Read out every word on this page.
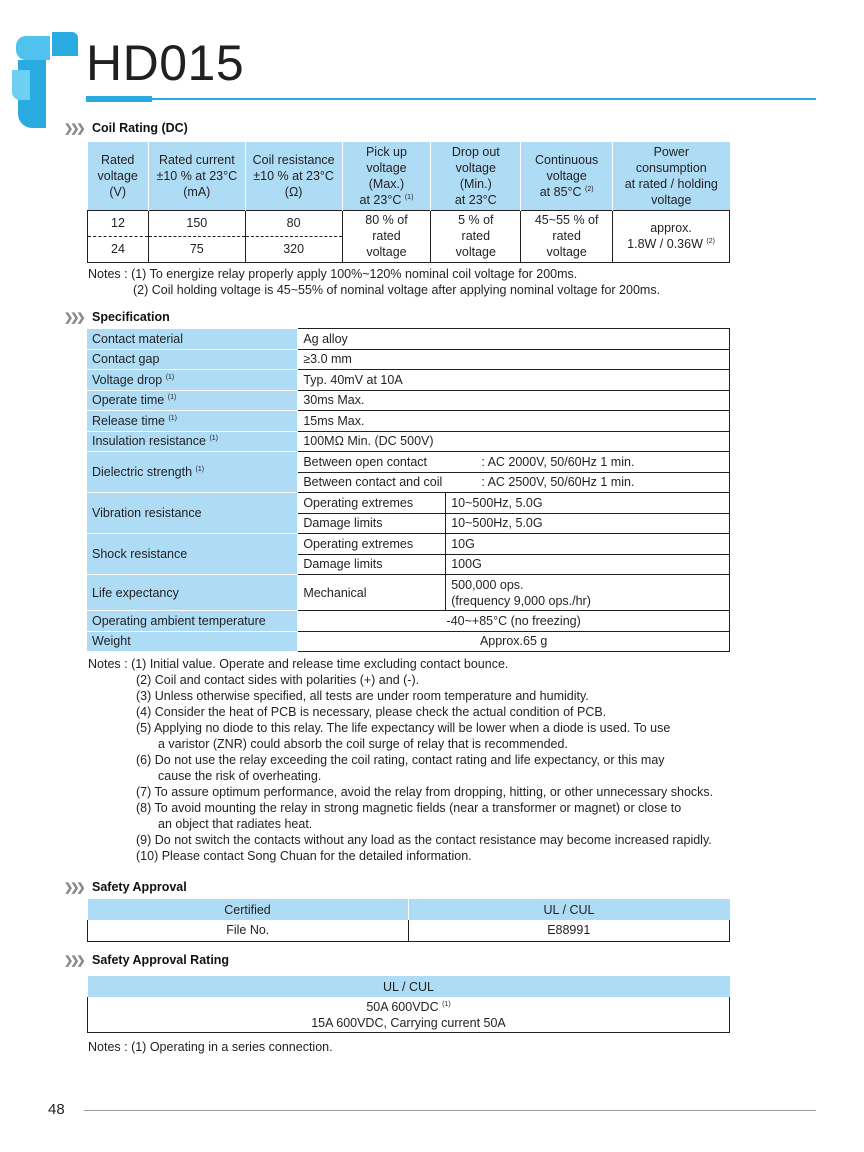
HD015
❯❯❯ Coil Rating (DC)
Rated
voltage
(V)	Rated current
±10 % at 23°C
(mA)	Coil resistance
±10 % at 23°C
(Ω)	Pick up
voltage
(Max.)
at 23°C $^{(1)}$	Drop out
voltage
(Min.)
at 23°C	Continuous
voltage
at 85°C $^{(2)}$	Power
consumption
at rated / holding
voltage
12	150	80	80 % of
rated
voltage	5 % of
rated
voltage	45~55 % of
rated
voltage	approx.
1.8W / 0.36W $^{(2)}$
24	75	320				
Notes : (1) To energize relay properly apply 100%~120% nominal coil voltage for 200ms.
(2) Coil holding voltage is 45~55% of nominal voltage after applying nominal voltage for 200ms.
❯❯❯ Specification
Contact material	Ag alloy	
Contact gap	≥3.0 mm	
Voltage drop $^{(1)}$	Typ. 40mV at 10A	
Operate time $^{(1)}$	30ms Max.	
Release time $^{(1)}$	15ms Max.	
Insulation resistance $^{(1)}$	100MΩ Min. (DC 500V)	
Dielectric strength $^{(1)}$	Between open contact : AC 2000V, 50/60Hz 1 min.	
	Between contact and coil : AC 2500V, 50/60Hz 1 min.	
Vibration resistance	Operating extremes	10~500Hz, 5.0G
	Damage limits	10~500Hz, 5.0G
Shock resistance	Operating extremes	10G
	Damage limits	100G
Life expectancy	Mechanical	500,000 ops.
(frequency 9,000 ops./hr)
Operating ambient temperature	-40~+85°C (no freezing)	
Weight	Approx.65 g	
Notes : (1) Initial value. Operate and release time excluding contact bounce.
(2) Coil and contact sides with polarities (+) and (-).
(3) Unless otherwise specified, all tests are under room temperature and humidity.
(4) Consider the heat of PCB is necessary, please check the actual condition of PCB.
(5) Applying no diode to this relay. The life expectancy will be lower when a diode is used. To use
a varistor (ZNR) could absorb the coil surge of relay that is recommended.
(6) Do not use the relay exceeding the coil rating, contact rating and life expectancy, or this may
cause the risk of overheating.
(7) To assure optimum performance, avoid the relay from dropping, hitting, or other unnecessary shocks.
(8) To avoid mounting the relay in strong magnetic fields (near a transformer or magnet) or close to
an object that radiates heat.
(9) Do not switch the contacts without any load as the contact resistance may become increased rapidly.
(10) Please contact Song Chuan for the detailed information.
❯❯❯ Safety Approval
Certified	UL / CUL
File No.	E88991
❯❯❯ Safety Approval Rating
UL / CUL
50A 600VDC $^{(1)}$
15A 600VDC, Carrying current 50A
Notes : (1) Operating in a series connection.
48
